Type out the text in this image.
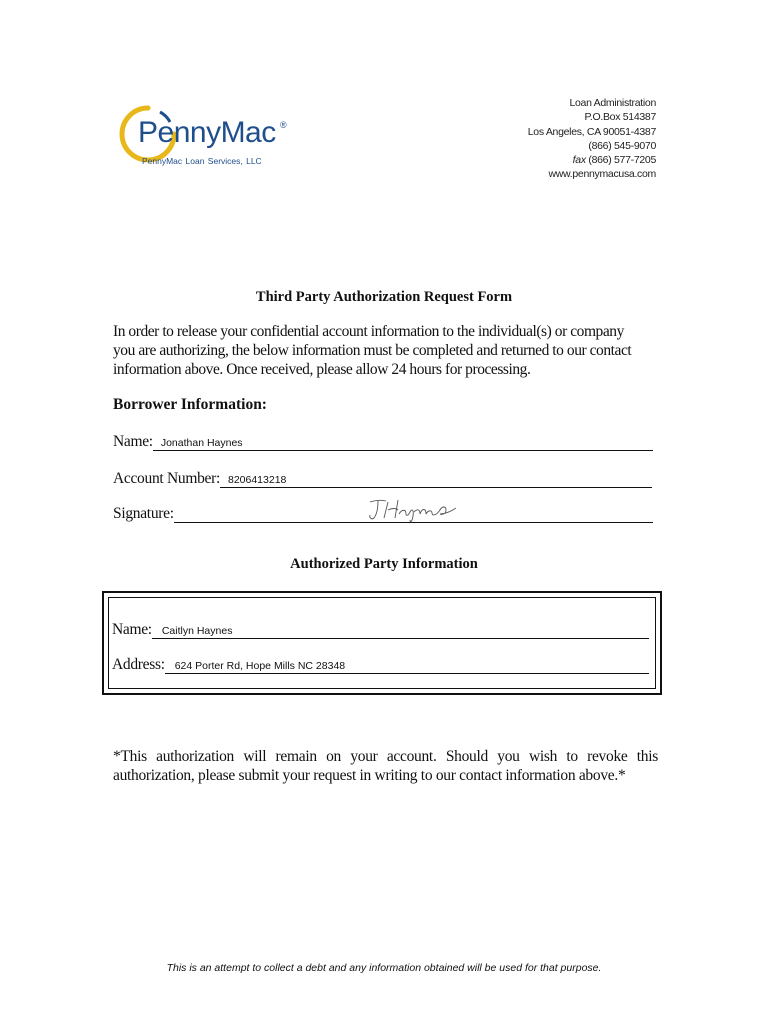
PennyMac ®
PennyMac Loan Services, LLC
Loan Administration
P.O.Box 514387
Los Angeles, CA 90051-4387
(866) 545-9070
fax (866) 577-7205
www.pennymacusa.com
Third Party Authorization Request Form
In order to release your confidential account information to the individual(s) or company
you are authorizing, the below information must be completed and returned to our contact
information above. Once received, please allow 24 hours for processing.
Borrower Information:
Name: Jonathan Haynes
Account Number: 8206413218
Signature:
Authorized Party Information
Name: Caitlyn Haynes
Address: 624 Porter Rd, Hope Mills NC 28348
*This authorization will remain on your account. Should you wish to revoke this
authorization, please submit your request in writing to our contact information above.*
This is an attempt to collect a debt and any information obtained will be used for that purpose.
